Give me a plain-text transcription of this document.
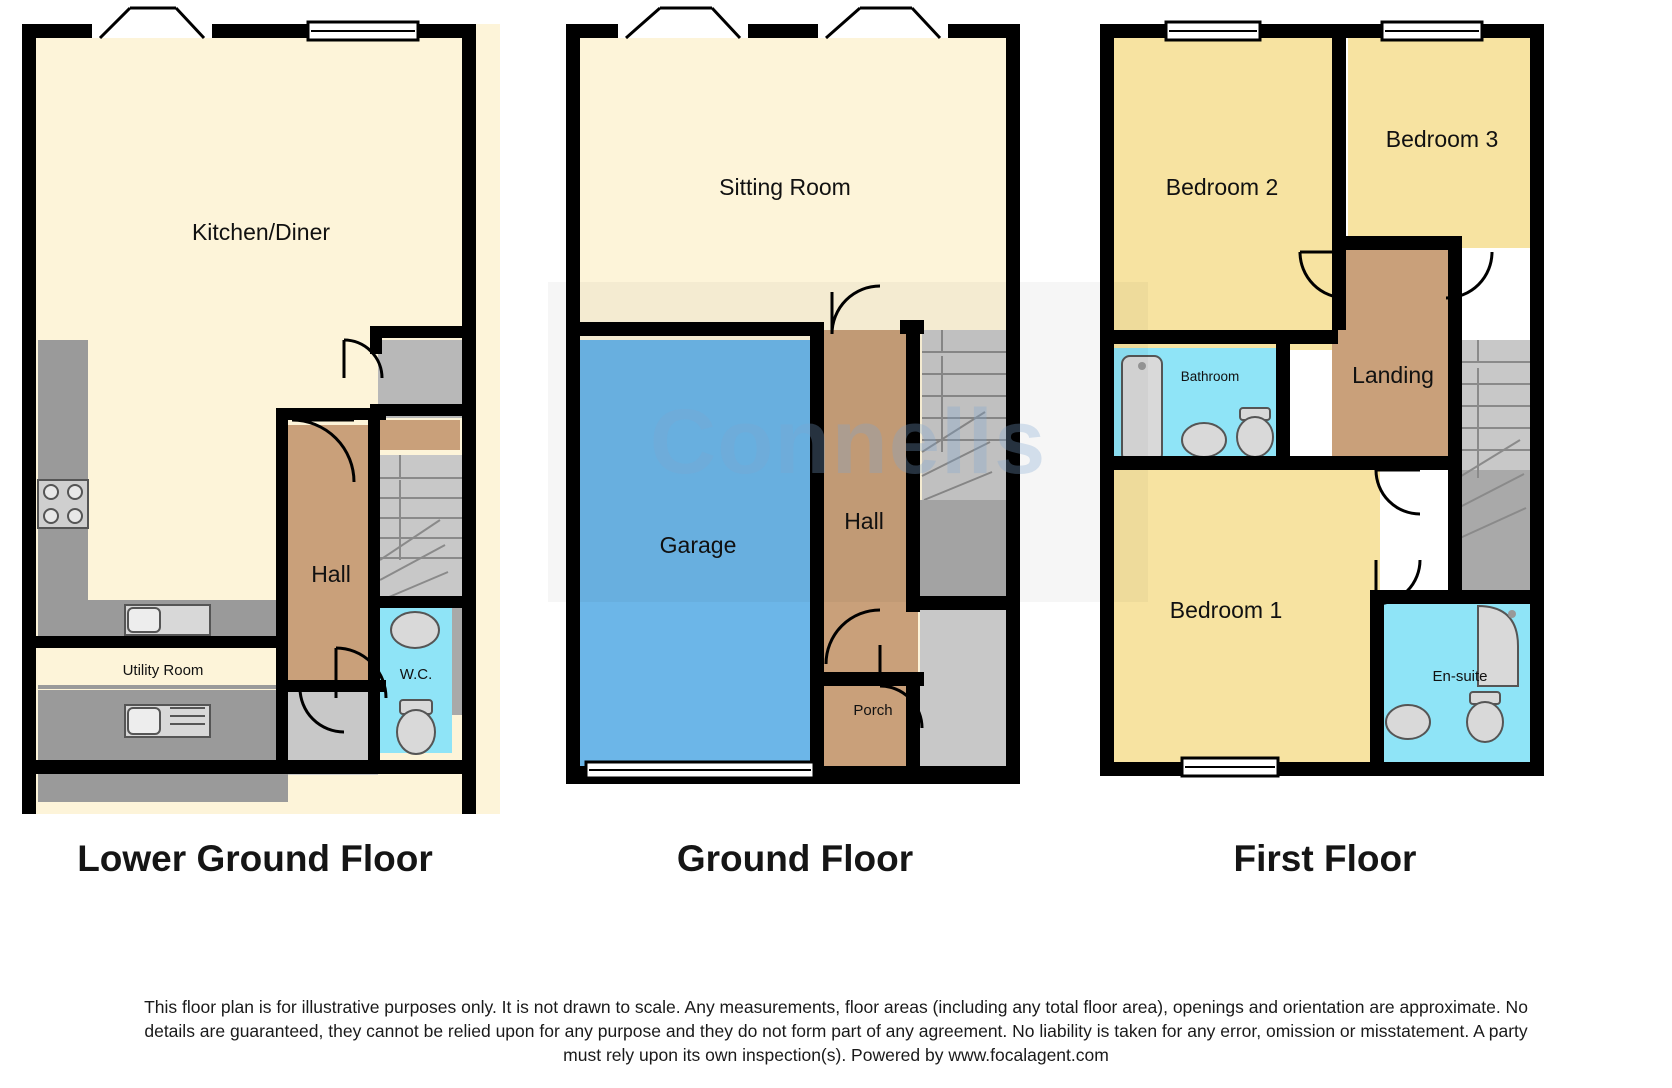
Kitchen/Diner
Hall
Utility Room	W.C.
Sitting Room
Garage
Hall
Porch
Bedroom 2
Bedroom 3
Bathroom	Landing
Bedroom 1
En-suite
Connells
Lower Ground Floor	Ground Floor	First Floor
This floor plan is for illustrative purposes only. It is not drawn to scale. Any measurements, floor areas (including any total floor area), openings and orientation are approximate. No
details are guaranteed, they cannot be relied upon for any purpose and they do not form part of any agreement. No liability is taken for any error, omission or misstatement. A party
must rely upon its own inspection(s). Powered by www.focalagent.com
